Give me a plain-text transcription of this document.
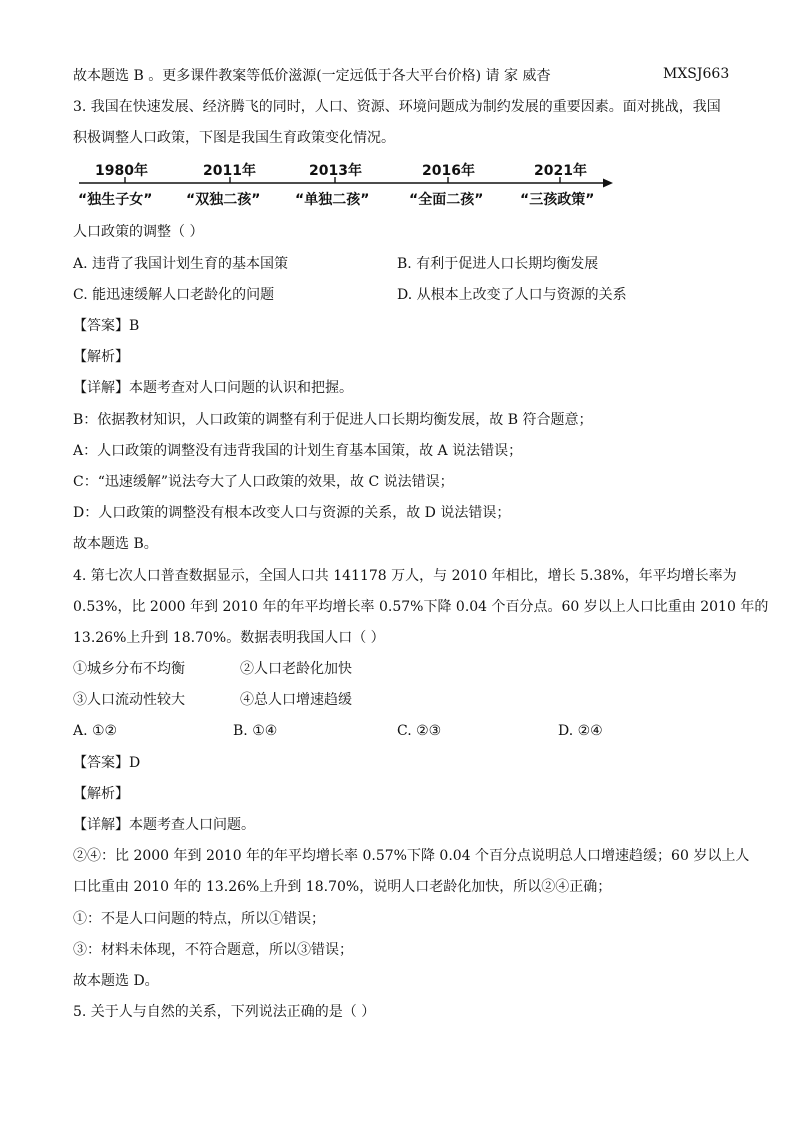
故本题选 B 。更多课件教案等低价滋源(一定远低于各大平台价格) 请 家 威杳	MXSJ663
3. 我国在快速发展、经济腾飞的同时，人口、资源、环境问题成为制约发展的重要因素。面对挑战，我国
积极调整人口政策，下图是我国生育政策变化情况。
1980年	2011年	2013年	2016年	2021年
“独生子女” “双独二孩” “单独二孩”	“全面二孩”	“三孩政策”
人口政策的调整（ ）
A. 违背了我国计划生育的基本国策	B. 有利于促进人口长期均衡发展
C. 能迅速缓解人口老龄化的问题	D. 从根本上改变了人口与资源的关系
【答案】B
【解析】
【详解】本题考查对人口问题的认识和把握。
B：依据教材知识，人口政策的调整有利于促进人口长期均衡发展，故 B 符合题意；
A：人口政策的调整没有违背我国的计划生育基本国策，故 A 说法错误；
C：“迅速缓解”说法夸大了人口政策的效果，故 C 说法错误；
D：人口政策的调整没有根本改变人口与资源的关系，故 D 说法错误；
故本题选 B。
4. 第七次人口普查数据显示，全国人口共 141178 万人，与 2010 年相比，增长 5.38%，年平均增长率为
0.53%，比 2000 年到 2010 年的年平均增长率 0.57%下降 0.04 个百分点。60 岁以上人口比重由 2010 年的
13.26%上升到 18.70%。数据表明我国人口（ ）
①城乡分布不均衡	②人口老龄化加快
③人口流动性较大	④总人口增速趋缓
A. ①②	B. ①④	C. ②③	D. ②④
【答案】D
【解析】
【详解】本题考查人口问题。
②④：比 2000 年到 2010 年的年平均增长率 0.57%下降 0.04 个百分点说明总人口增速趋缓；60 岁以上人
口比重由 2010 年的 13.26%上升到 18.70%，说明人口老龄化加快，所以②④正确；
①：不是人口问题的特点，所以①错误；
③：材料未体现，不符合题意，所以③错误；
故本题选 D。
5. 关于人与自然的关系，下列说法正确的是（ ）
